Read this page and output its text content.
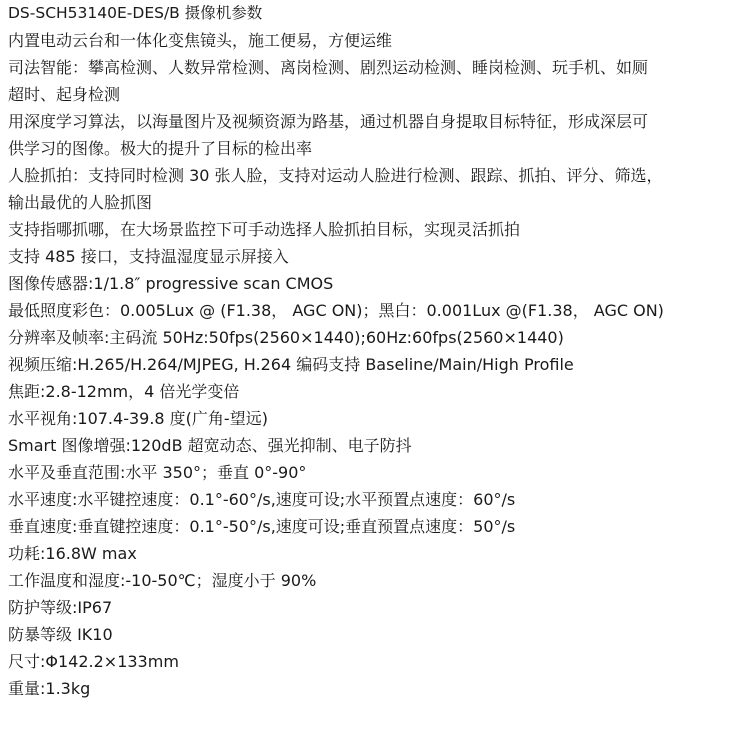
DS-SCH53140E-DES/B 摄像机参数
内置电动云台和一体化变焦镜头，施工便易，方便运维
司法智能：攀高检测、人数异常检测、离岗检测、剧烈运动检测、睡岗检测、玩手机、如厕
超时、起身检测
用深度学习算法，以海量图片及视频资源为路基，通过机器自身提取目标特征，形成深层可
供学习的图像。极大的提升了目标的检出率
人脸抓拍：支持同时检测 30 张人脸，支持对运动人脸进行检测、跟踪、抓拍、评分、筛选，
输出最优的人脸抓图
支持指哪抓哪，在大场景监控下可手动选择人脸抓拍目标，实现灵活抓拍
支持 485 接口，支持温湿度显示屏接入
图像传感器:1/1.8″ progressive scan CMOS
最低照度彩色：0.005Lux @ (F1.38， AGC ON)；黑白：0.001Lux @(F1.38， AGC ON)
分辨率及帧率:主码流 50Hz:50fps(2560×1440);60Hz:60fps(2560×1440)
视频压缩:H.265/H.264/MJPEG, H.264 编码支持 Baseline/Main/High Profile
焦距:2.8-12mm，4 倍光学变倍
水平视角:107.4-39.8 度(广角-望远)
Smart 图像增强:120dB 超宽动态、强光抑制、电子防抖
水平及垂直范围:水平 350°；垂直 0°-90°
水平速度:水平键控速度：0.1°-60°/s,速度可设;水平预置点速度：60°/s
垂直速度:垂直键控速度：0.1°-50°/s,速度可设;垂直预置点速度：50°/s
功耗:16.8W max
工作温度和湿度:-10-50℃；湿度小于 90%
防护等级:IP67
防暴等级 IK10
尺寸:Φ142.2×133mm
重量:1.3kg
